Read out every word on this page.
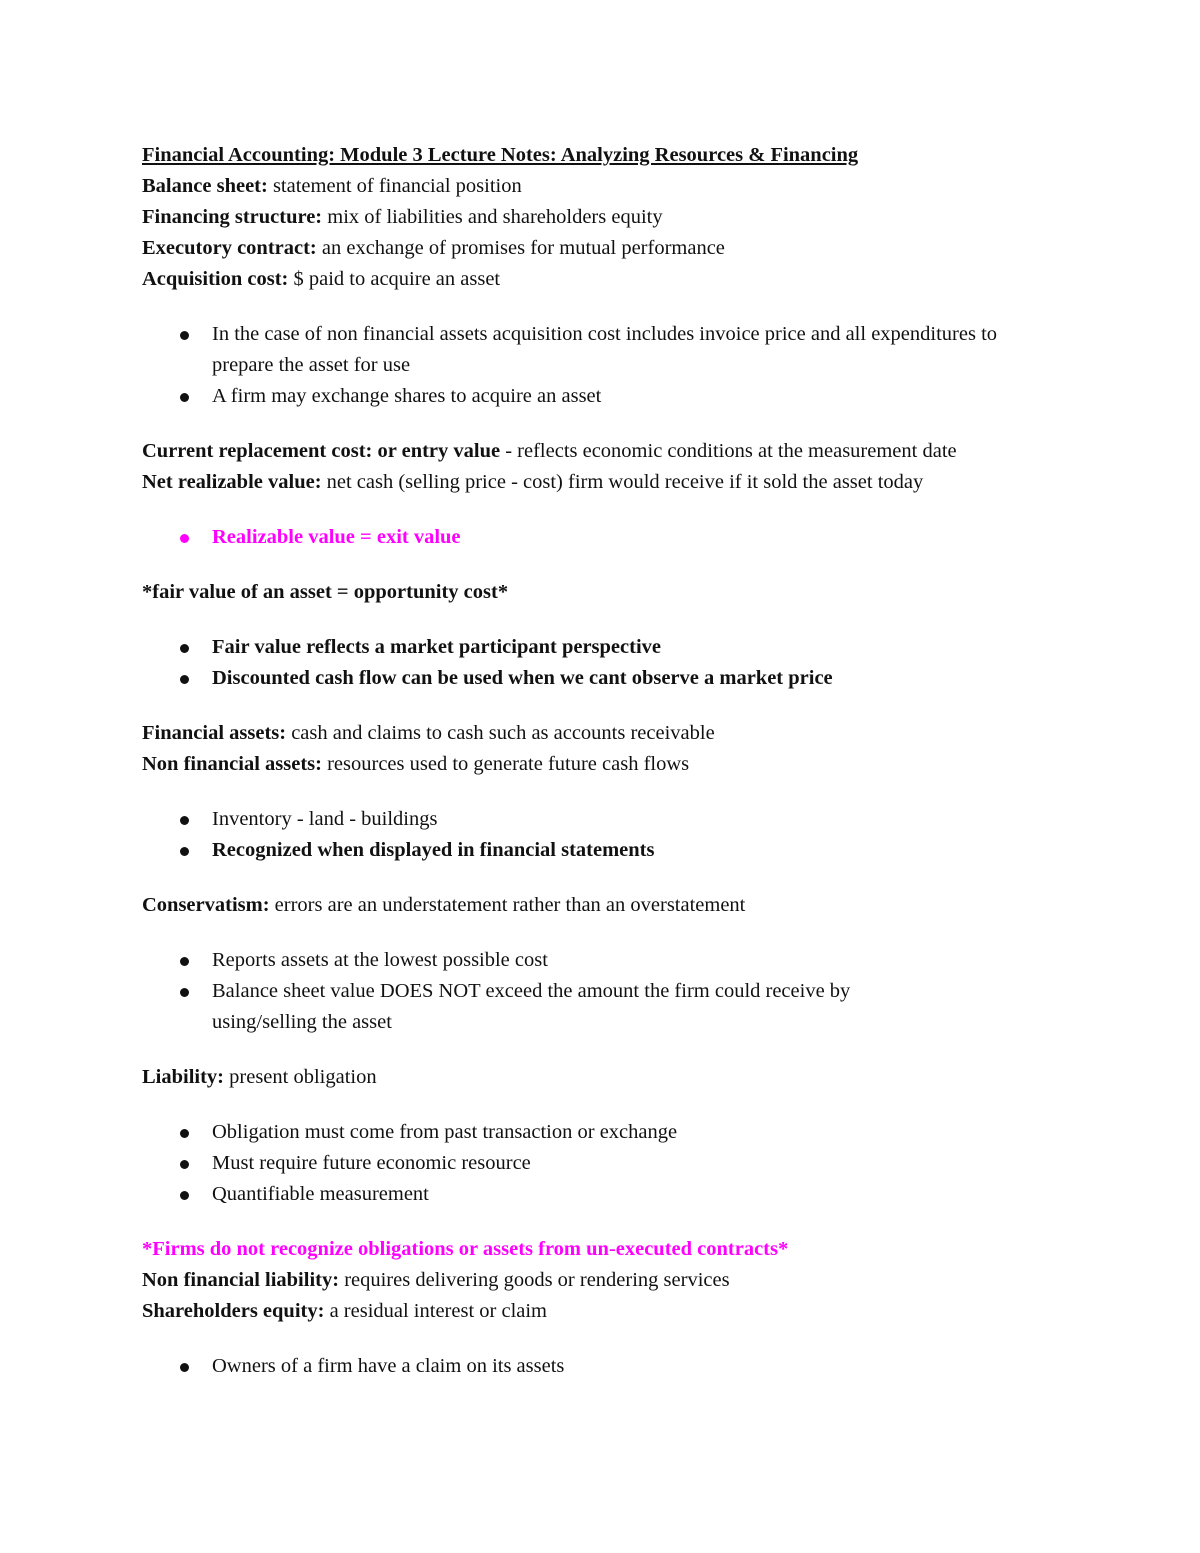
Financial Accounting: Module 3 Lecture Notes: Analyzing Resources & Financing

Balance sheet: statement of financial position

Financing structure: mix of liabilities and shareholders equity

Executory contract: an exchange of promises for mutual performance

Acquisition cost: $ paid to acquire an asset

In the case of non financial assets acquisition cost includes invoice price and all expenditures to prepare the asset for use
A firm may exchange shares to acquire an asset

Current replacement cost: or entry value - reflects economic conditions at the measurement date

Net realizable value: net cash (selling price - cost) firm would receive if it sold the asset today

Realizable value = exit value

*fair value of an asset = opportunity cost*

Fair value reflects a market participant perspective
Discounted cash flow can be used when we cant observe a market price

Financial assets: cash and claims to cash such as accounts receivable

Non financial assets: resources used to generate future cash flows

Inventory - land - buildings
Recognized when displayed in financial statements

Conservatism: errors are an understatement rather than an overstatement

Reports assets at the lowest possible cost
Balance sheet value DOES NOT exceed the amount the firm could receive by using/selling the asset

Liability: present obligation

Obligation must come from past transaction or exchange
Must require future economic resource
Quantifiable measurement

*Firms do not recognize obligations or assets from un-executed contracts*

Non financial liability: requires delivering goods or rendering services

Shareholders equity: a residual interest or claim

Owners of a firm have a claim on its assets
